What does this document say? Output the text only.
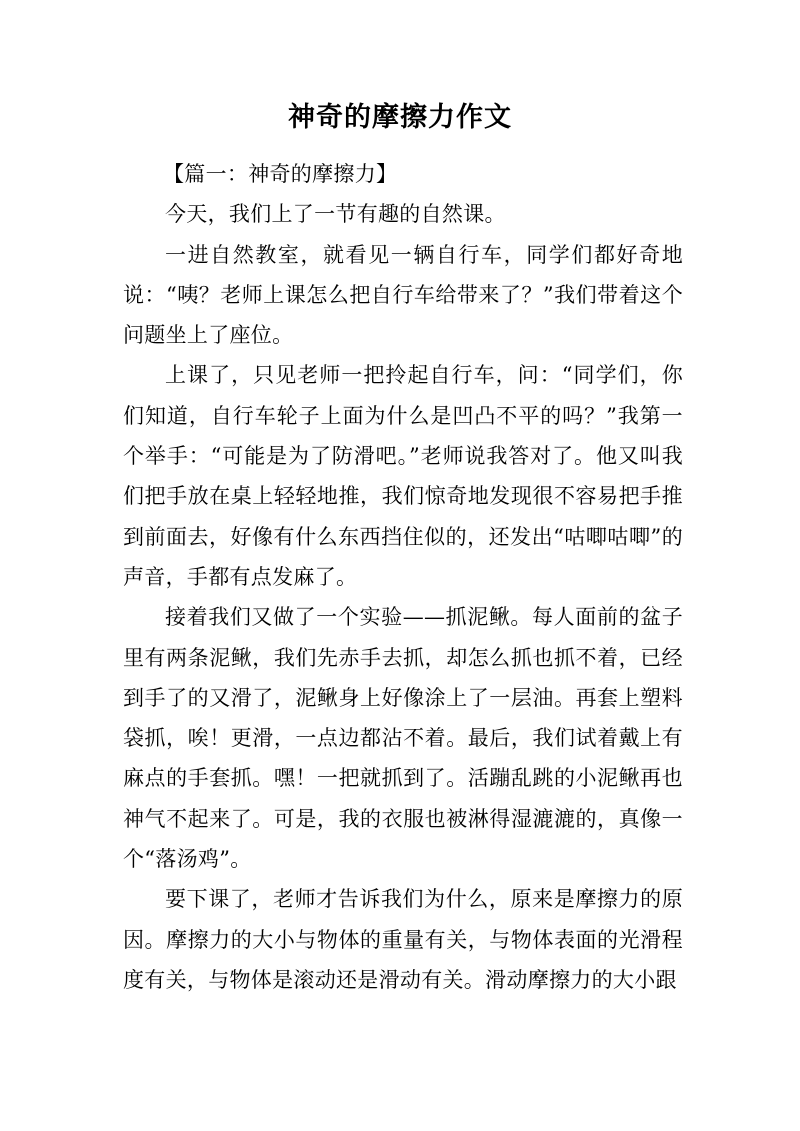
神奇的摩擦力作文

【篇一：神奇的摩擦力】

今天，我们上了一节有趣的自然课。

一进自然教室，就看见一辆自行车，同学们都好奇地说：“咦？老师上课怎么把自行车给带来了？”我们带着这个问题坐上了座位。

上课了，只见老师一把拎起自行车，问：“同学们，你们知道，自行车轮子上面为什么是凹凸不平的吗？”我第一个举手：“可能是为了防滑吧。”老师说我答对了。他又叫我们把手放在桌上轻轻地推，我们惊奇地发现很不容易把手推到前面去，好像有什么东西挡住似的，还发出“咕唧咕唧”的声音，手都有点发麻了。

接着我们又做了一个实验——抓泥鳅。每人面前的盆子里有两条泥鳅，我们先赤手去抓，却怎么抓也抓不着，已经到手了的又滑了，泥鳅身上好像涂上了一层油。再套上塑料袋抓，唉！更滑，一点边都沾不着。最后，我们试着戴上有麻点的手套抓。嘿！一把就抓到了。活蹦乱跳的小泥鳅再也神气不起来了。可是，我的衣服也被淋得湿漉漉的，真像一个“落汤鸡”。

要下课了，老师才告诉我们为什么，原来是摩擦力的原因。摩擦力的大小与物体的重量有关，与物体表面的光滑程度有关，与物体是滚动还是滑动有关。滑动摩擦力的大小跟
